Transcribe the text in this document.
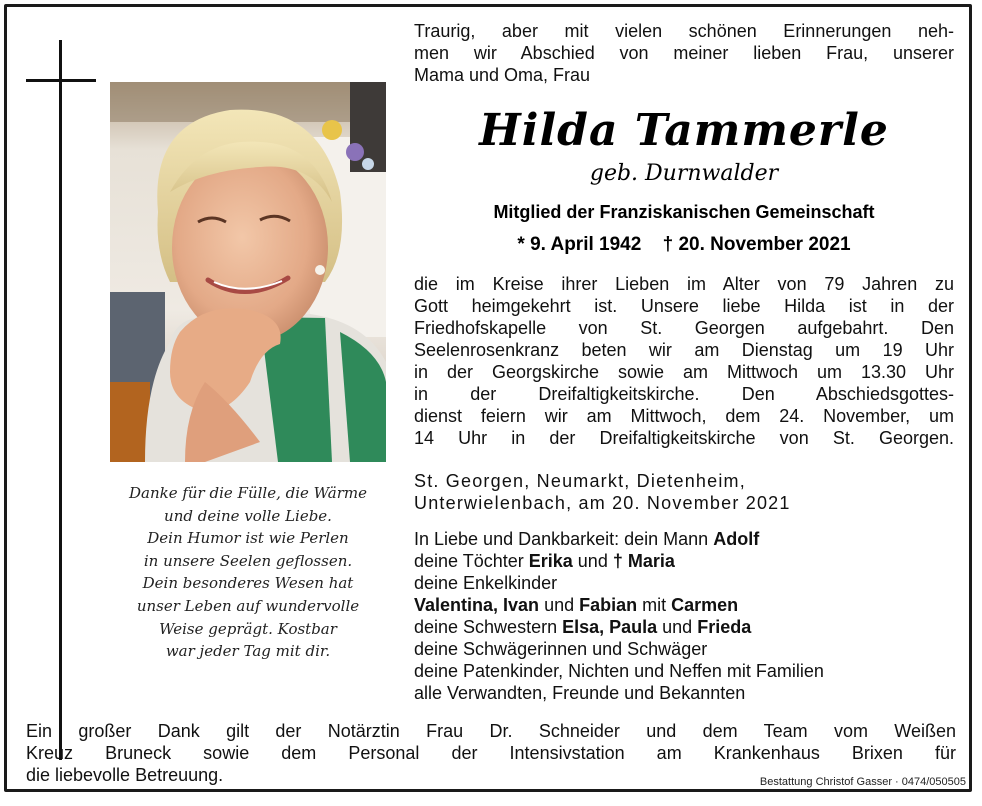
Danke für die Fülle, die Wärme
und deine volle Liebe.
Dein Humor ist wie Perlen
in unsere Seelen geflossen.
Dein besonderes Wesen hat
unser Leben auf wundervolle
Weise geprägt. Kostbar
war jeder Tag mit dir.
Traurig, aber mit vielen schönen Erinnerungen neh-
men wir Abschied von meiner lieben Frau, unserer
Mama und Oma, Frau
Hilda Tammerle
geb. Durnwalder
Mitglied der Franziskanischen Gemeinschaft
* 9. April 1942 † 20. November 2021
die im Kreise ihrer Lieben im Alter von 79 Jahren zu
Gott heimgekehrt ist. Unsere liebe Hilda ist in der
Friedhofskapelle von St. Georgen aufgebahrt. Den
Seelenrosenkranz beten wir am Dienstag um 19 Uhr
in der Georgskirche sowie am Mittwoch um 13.30 Uhr
in der Dreifaltigkeitskirche. Den Abschiedsgottes-
dienst feiern wir am Mittwoch, dem 24. November, um
14 Uhr in der Dreifaltigkeitskirche von St. Georgen.
St. Georgen, Neumarkt, Dietenheim,
Unterwielenbach, am 20. November 2021
In Liebe und Dankbarkeit: dein Mann Adolf
deine Töchter Erika und † Maria
deine Enkelkinder
Valentina, Ivan und Fabian mit Carmen
deine Schwestern Elsa, Paula und Frieda
deine Schwägerinnen und Schwäger
deine Patenkinder, Nichten und Neffen mit Familien
alle Verwandten, Freunde und Bekannten
Ein großer Dank gilt der Notärztin Frau Dr. Schneider und dem Team vom Weißen
Kreuz Bruneck sowie dem Personal der Intensivstation am Krankenhaus Brixen für
die liebevolle Betreuung.	Bestattung Christof Gasser · 0474/050505
